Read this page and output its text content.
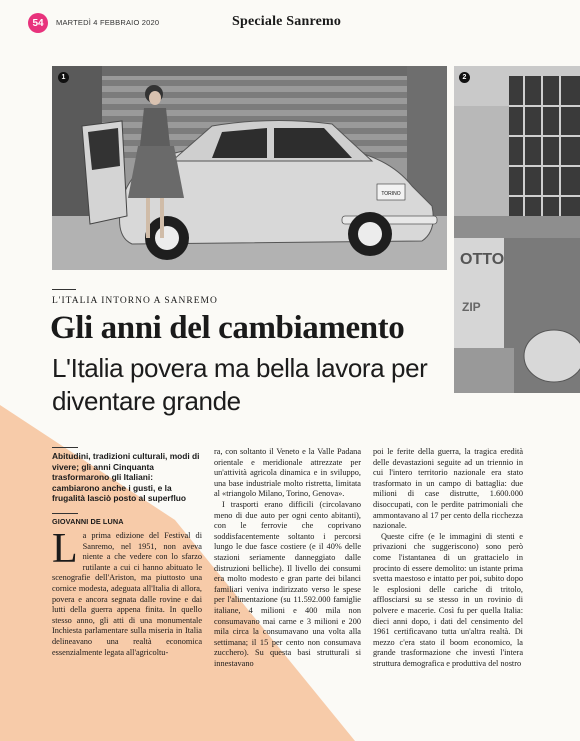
54	MARTEDÌ 4 FEBBRAIO 2020	Speciale Sanremo
TORINO
1
OTTO
ZIP
2
L'ITALIA INTORNO A SANREMO
Gli anni del cambiamento
L'Italia povera ma bella lavora per diventare grande
Abitudini, tradizioni culturali, modi di vivere; gli anni Cinquanta trasformarono gli Italiani: cambiarono anche i gusti, e la frugalità lasciò posto al superfluo
GIOVANNI DE LUNA
L a prima edizione del Festival di Sanremo, nel 1951, non aveva niente a che vedere con lo sfarzo rutilante a cui ci hanno abituato le scenografie dell'Ariston, ma piuttosto una cornice modesta, adeguata all'Italia di allora, povera e ancora segnata dalle rovine e dai lutti della guerra appena finita. In quello stesso anno, gli atti di una monumentale Inchiesta parlamentare sulla miseria in Italia delineavano una realtà economica essenzialmente legata all'agricoltu-

ra, con soltanto il Veneto e la Valle Padana orientale e meridionale attrezzate per un'attività agricola dinamica e in sviluppo, una base industriale molto ristretta, limitata al «triangolo Milano, Torino, Genova».

I trasporti erano difficili (circolavano meno di due auto per ogni cento abitanti), con le ferrovie che coprivano soddisfacentemente soltanto i percorsi lungo le due fasce costiere (e il 40% delle stazioni seriamente danneggiato dalle distruzioni belliche). Il livello dei consumi era molto modesto e gran parte dei bilanci familiari veniva indirizzato verso le spese per l'alimentazione (su 11.592.000 famiglie italiane, 4 milioni e 400 mila non consumavano mai carne e 3 milioni e 200 mila circa la consumavano una volta alla settimana; il 15 per cento non consumava zucchero). Su questa basi strutturali si innestavano

poi le ferite della guerra, la tragica eredità delle devastazioni seguite ad un triennio in cui l'intero territorio nazionale era stato trasformato in un campo di battaglia: due milioni di case distrutte, 1.600.000 disoccupati, con le perdite patrimoniali che ammontavano al 17 per cento della ricchezza nazionale.

Queste cifre (e le immagini di stenti e privazioni che suggeriscono) sono però come l'istantanea di un grattacielo in procinto di essere demolito: un istante prima svetta maestoso e intatto per poi, subito dopo le esplosioni delle cariche di tritolo, afflosciarsi su se stesso in un rovinio di polvere e macerie. Così fu per quella Italia: dieci anni dopo, i dati del censimento del 1961 certificavano tutta un'altra realtà. Di mezzo c'era stato il boom economico, la grande trasformazione che investì l'intera struttura demografica e produttiva del nostro
